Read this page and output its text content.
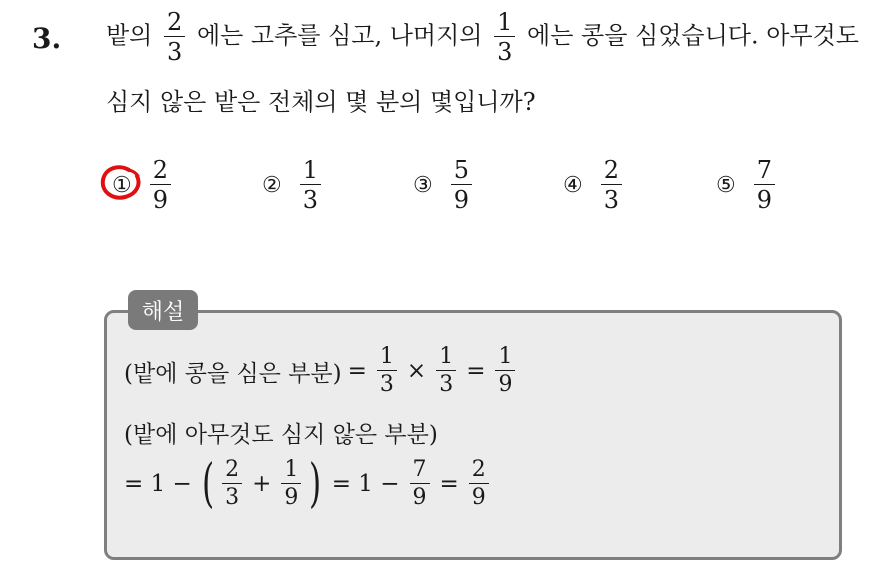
3. 밭의 $\frac{2}{3}$ 에는 고추를 심고, 나머지의 $\frac{1}{3}$ 에는 콩을 심었습니다. 아무것도
심지 않은 밭은 전체의 몇 분의 몇입니까?
① $\frac{2}{9}$	② $\frac{1}{3}$	③ $\frac{5}{9}$	④ $\frac{2}{3}$	⑤ $\frac{7}{9}$
해설
(밭에 콩을 심은 부분) = $\frac{1}{3} \times \frac{1}{3} = \frac{1}{9}$
(밭에 아무것도 심지 않은 부분)
= 1 − ( $\frac{2}{3} + \frac{1}{9}$ ) = $1 - \frac{7}{9} = \frac{2}{9}$
